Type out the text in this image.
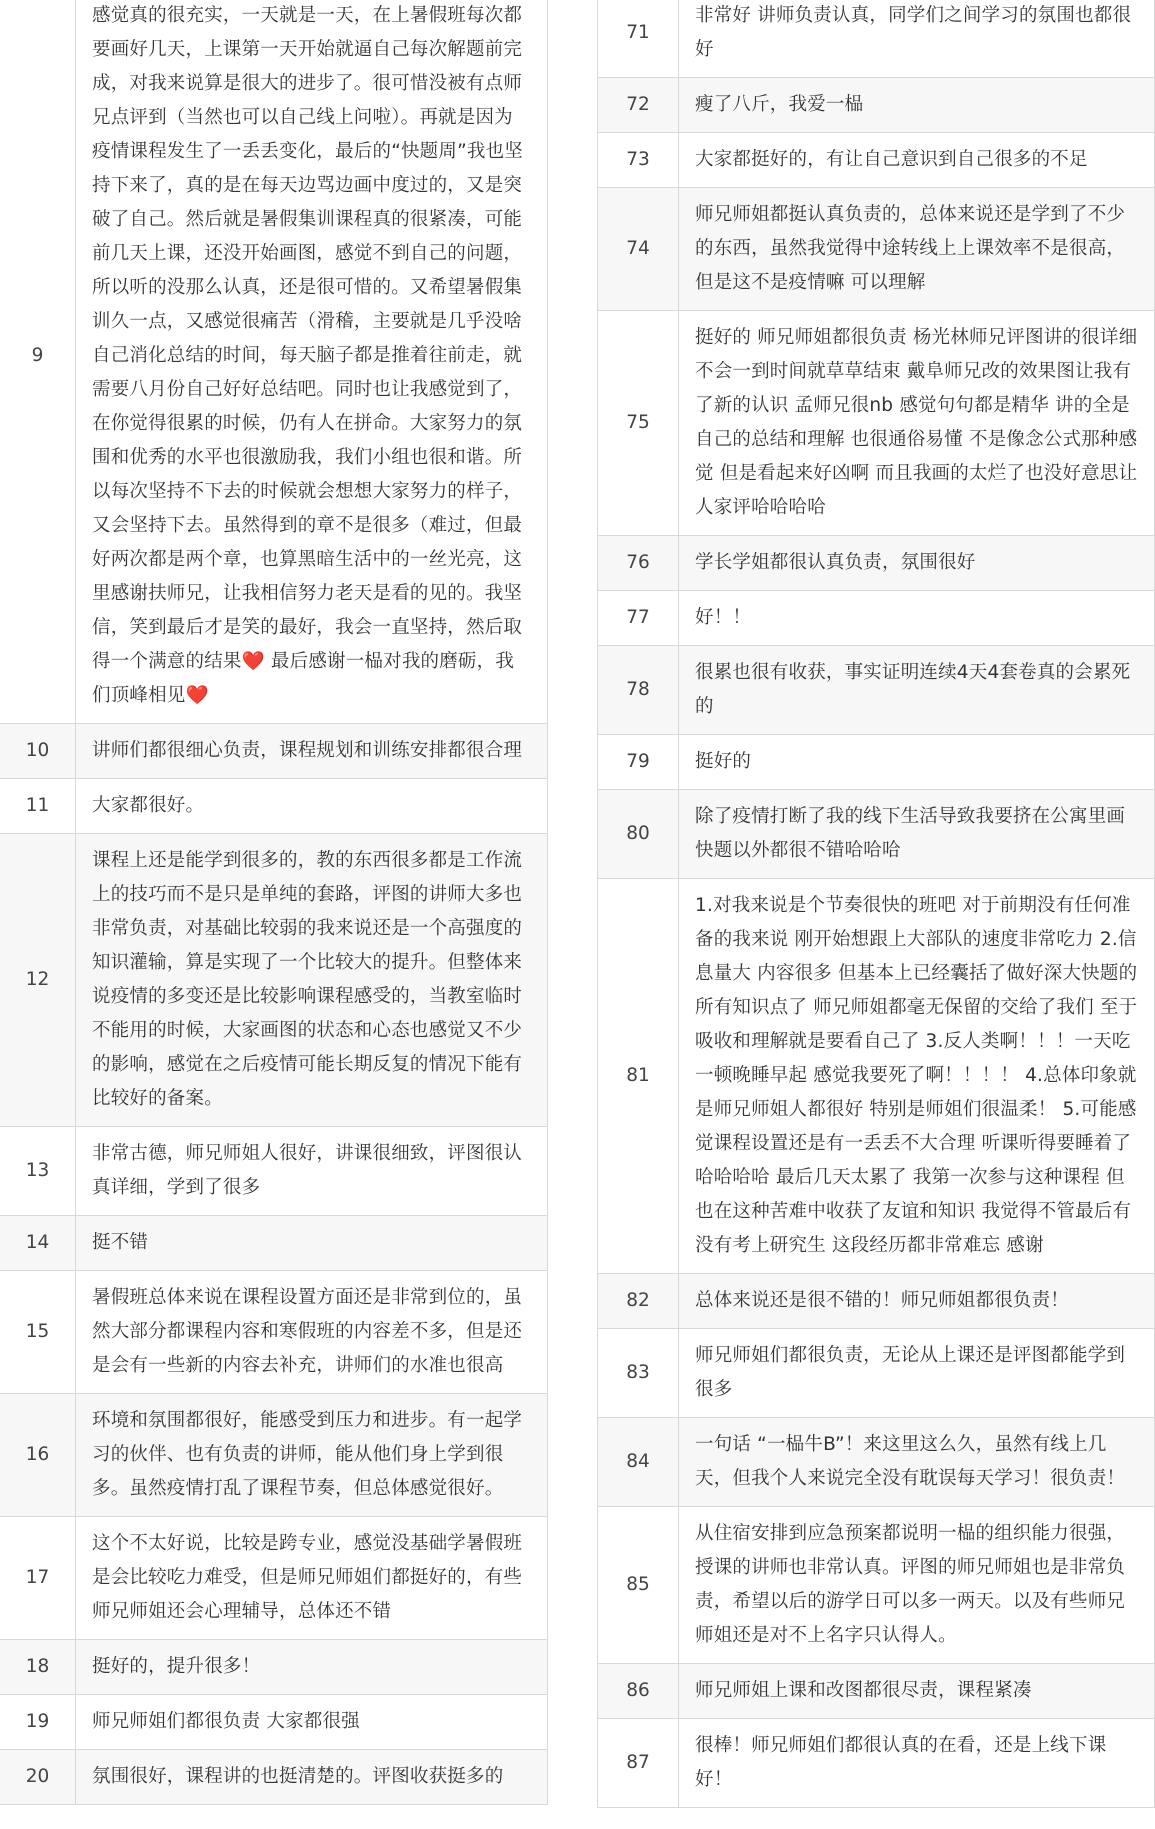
9	感觉真的很充实，一天就是一天，在上暑假班每次都要画好几天，上课第一天开始就逼自己每次解题前完成，对我来说算是很大的进步了。很可惜没被有点师兄点评到（当然也可以自己线上问啦）。再就是因为疫情课程发生了一丢丢变化，最后的“快题周”我也坚持下来了，真的是在每天边骂边画中度过的，又是突破了自己。然后就是暑假集训课程真的很紧凑，可能前几天上课，还没开始画图，感觉不到自己的问题，所以听的没那么认真，还是很可惜的。又希望暑假集训久一点，又感觉很痛苦（滑稽，主要就是几乎没啥自己消化总结的时间，每天脑子都是推着往前走，就需要八月份自己好好总结吧。同时也让我感觉到了，在你觉得很累的时候，仍有人在拼命。大家努力的氛围和优秀的水平也很激励我，我们小组也很和谐。所以每次坚持不下去的时候就会想想大家努力的样子，又会坚持下去。虽然得到的章不是很多（难过，但最好两次都是两个章，也算黑暗生活中的一丝光亮，这里感谢扶师兄，让我相信努力老天是看的见的。我坚信，笑到最后才是笑的最好，我会一直坚持，然后取得一个满意的结果❤️ 最后感谢一榀对我的磨砺，我们顶峰相见❤️
10	讲师们都很细心负责，课程规划和训练安排都很合理
11	大家都很好。
12	课程上还是能学到很多的，教的东西很多都是工作流上的技巧而不是只是单纯的套路，评图的讲师大多也非常负责，对基础比较弱的我来说还是一个高强度的知识灌输，算是实现了一个比较大的提升。但整体来说疫情的多变还是比较影响课程感受的，当教室临时不能用的时候，大家画图的状态和心态也感觉又不少的影响，感觉在之后疫情可能长期反复的情况下能有比较好的备案。
13	非常古德，师兄师姐人很好，讲课很细致，评图很认真详细，学到了很多
14	挺不错
15	暑假班总体来说在课程设置方面还是非常到位的，虽然大部分都课程内容和寒假班的内容差不多，但是还是会有一些新的内容去补充，讲师们的水准也很高
16	环境和氛围都很好，能感受到压力和进步。有一起学习的伙伴、也有负责的讲师，能从他们身上学到很多。虽然疫情打乱了课程节奏，但总体感觉很好。
17	这个不太好说，比较是跨专业，感觉没基础学暑假班是会比较吃力难受，但是师兄师姐们都挺好的，有些师兄师姐还会心理辅导，总体还不错
18	挺好的，提升很多！
19	师兄师姐们都很负责 大家都很强
20	氛围很好，课程讲的也挺清楚的。评图收获挺多的
71	非常好 讲师负责认真，同学们之间学习的氛围也都很好
72	瘦了八斤，我爱一榀
73	大家都挺好的，有让自己意识到自己很多的不足
74	师兄师姐都挺认真负责的，总体来说还是学到了不少的东西，虽然我觉得中途转线上上课效率不是很高，但是这不是疫情嘛 可以理解
75	挺好的 师兄师姐都很负责 杨光林师兄评图讲的很详细不会一到时间就草草结束 戴阜师兄改的效果图让我有了新的认识 孟师兄很nb 感觉句句都是精华 讲的全是自己的总结和理解 也很通俗易懂 不是像念公式那种感觉 但是看起来好凶啊 而且我画的太烂了也没好意思让人家评哈哈哈哈
76	学长学姐都很认真负责，氛围很好
77	好！！
78	很累也很有收获，事实证明连续4天4套卷真的会累死的
79	挺好的
80	除了疫情打断了我的线下生活导致我要挤在公寓里画快题以外都很不错哈哈哈
81	1.对我来说是个节奏很快的班吧 对于前期没有任何准备的我来说 刚开始想跟上大部队的速度非常吃力 2.信息量大 内容很多 但基本上已经囊括了做好深大快题的所有知识点了 师兄师姐都毫无保留的交给了我们 至于吸收和理解就是要看自己了 3.反人类啊！！！一天吃一顿晚睡早起 感觉我要死了啊！！！！ 4.总体印象就是师兄师姐人都很好 特别是师姐们很温柔！ 5.可能感觉课程设置还是有一丢丢不大合理 听课听得要睡着了哈哈哈哈 最后几天太累了 我第一次参与这种课程 但也在这种苦难中收获了友谊和知识 我觉得不管最后有没有考上研究生 这段经历都非常难忘 感谢
82	总体来说还是很不错的！师兄师姐都很负责！
83	师兄师姐们都很负责，无论从上课还是评图都能学到很多
84	一句话 “一榀牛B”！来这里这么久，虽然有线上几天，但我个人来说完全没有耽误每天学习！很负责！
85	从住宿安排到应急预案都说明一榀的组织能力很强，授课的讲师也非常认真。评图的师兄师姐也是非常负责，希望以后的游学日可以多一两天。以及有些师兄师姐还是对不上名字只认得人。
86	师兄师姐上课和改图都很尽责，课程紧凑
87	很棒！师兄师姐们都很认真的在看，还是上线下课好！
